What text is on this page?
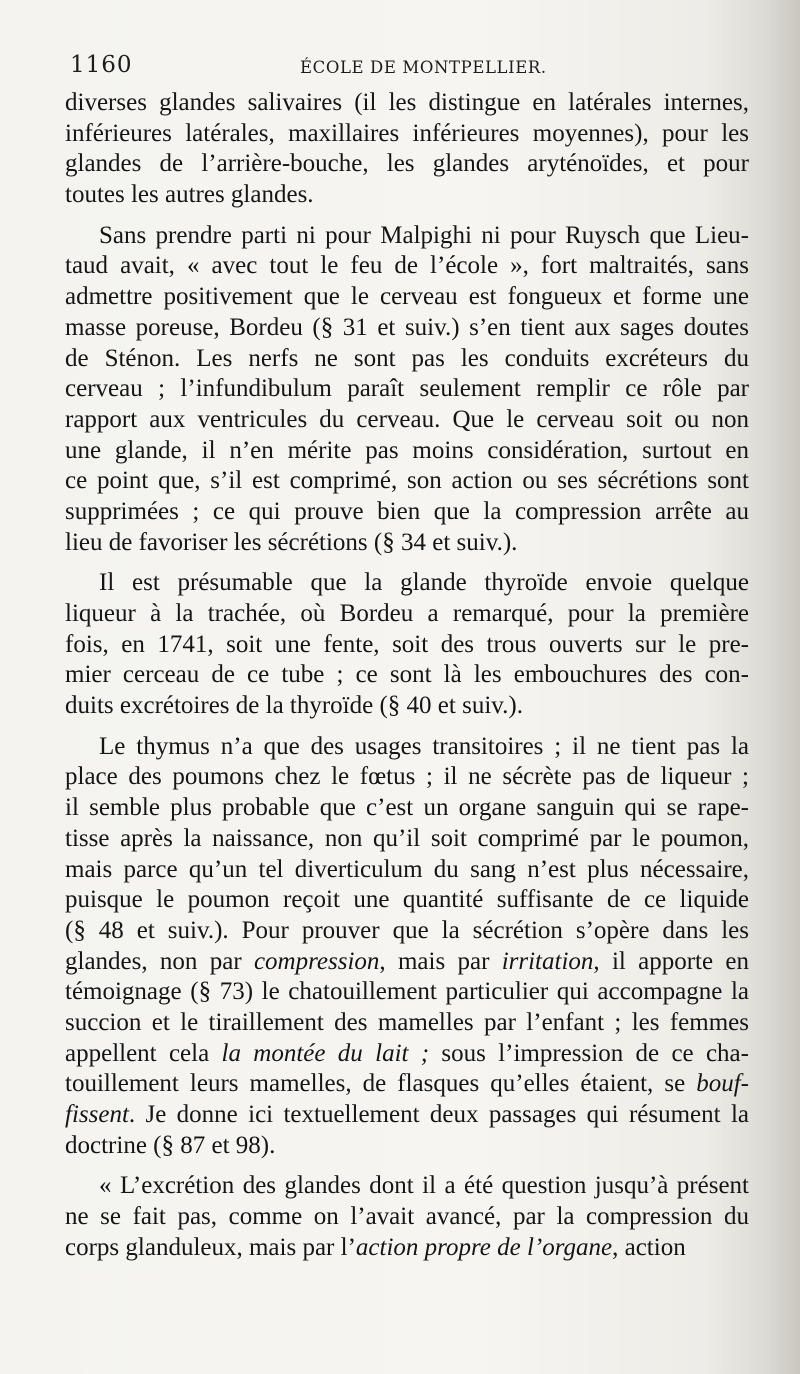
1160	ÉCOLE DE MONTPELLIER.
diverses glandes salivaires (il les distingue en latérales internes,
inférieures latérales, maxillaires inférieures moyennes), pour les
glandes de l’arrière-bouche, les glandes aryténoïdes, et pour
toutes les autres glandes.
Sans prendre parti ni pour Malpighi ni pour Ruysch que Lieu-
taud avait, « avec tout le feu de l’école », fort maltraités, sans
admettre positivement que le cerveau est fongueux et forme une
masse poreuse, Bordeu (§ 31 et suiv.) s’en tient aux sages doutes
de Sténon. Les nerfs ne sont pas les conduits excréteurs du
cerveau ; l’infundibulum paraît seulement remplir ce rôle par
rapport aux ventricules du cerveau. Que le cerveau soit ou non
une glande, il n’en mérite pas moins considération, surtout en
ce point que, s’il est comprimé, son action ou ses sécrétions sont
supprimées ; ce qui prouve bien que la compression arrête au
lieu de favoriser les sécrétions (§ 34 et suiv.).
Il est présumable que la glande thyroïde envoie quelque
liqueur à la trachée, où Bordeu a remarqué, pour la première
fois, en 1741, soit une fente, soit des trous ouverts sur le pre-
mier cerceau de ce tube ; ce sont là les embouchures des con-
duits excrétoires de la thyroïde (§ 40 et suiv.).
Le thymus n’a que des usages transitoires ; il ne tient pas la
place des poumons chez le fœtus ; il ne sécrète pas de liqueur ;
il semble plus probable que c’est un organe sanguin qui se rape-
tisse après la naissance, non qu’il soit comprimé par le poumon,
mais parce qu’un tel diverticulum du sang n’est plus nécessaire,
puisque le poumon reçoit une quantité suffisante de ce liquide
(§ 48 et suiv.). Pour prouver que la sécrétion s’opère dans les
glandes, non par compression, mais par irritation, il apporte en
témoignage (§ 73) le chatouillement particulier qui accompagne la
succion et le tiraillement des mamelles par l’enfant ; les femmes
appellent cela la montée du lait ; sous l’impression de ce cha-
touillement leurs mamelles, de flasques qu’elles étaient, se bouf-
fissent. Je donne ici textuellement deux passages qui résument la
doctrine (§ 87 et 98).
« L’excrétion des glandes dont il a été question jusqu’à présent
ne se fait pas, comme on l’avait avancé, par la compression du
corps glanduleux, mais par l’action propre de l’organe, action
